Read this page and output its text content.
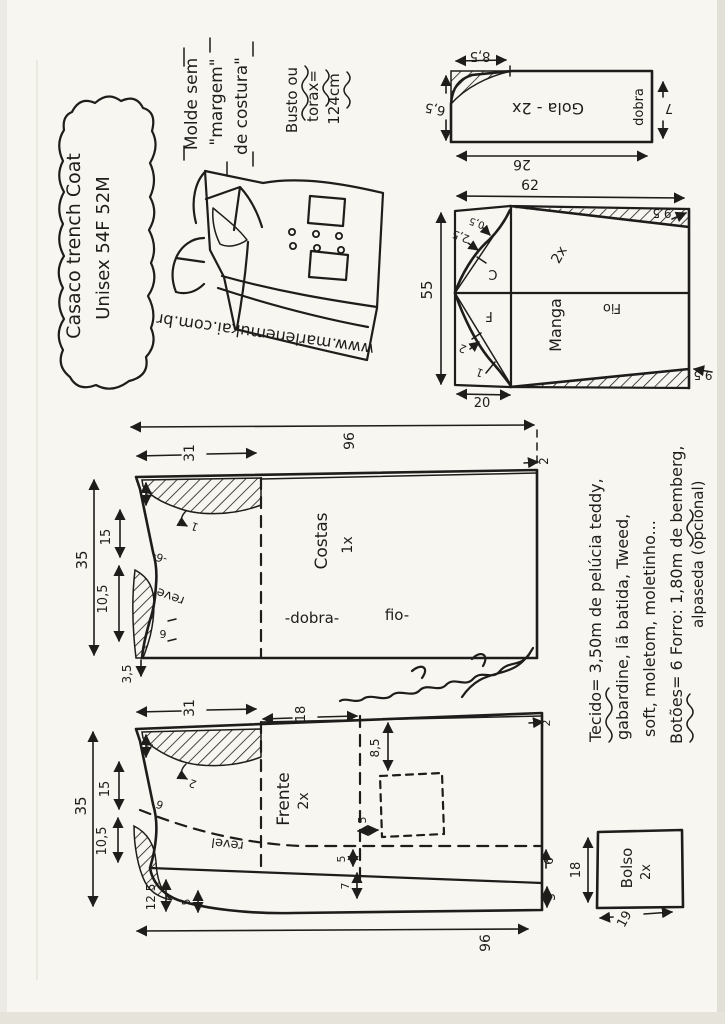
Casaco trench Coat Unisex 54F 52M
Molde sem "margem" de costura" Busto ou torax= 124cm
www.marlenemukai.com.br
8,5
6,5
26
Gola - 2x	dobra 7
62
55
20
9,5
9,5
2,5
0,5
C
F
2
1
2x
Manga	Fio
96
31	2
4
15
10,5
35
3,5
-6-
1
6
revel
Costas 1x
-dobra-	fio-
31	18
2
8,5
5
4
15
10,5
35	6
2
revel
Frente 2x
12,5 5
5
7
6
3
96
18 Bolso 2x
19
Tecido= 3,50m de pelúcia teddy, gabardine, lã batida, Tweed, soft, moletom, moletinho... Botões= 6 Forro: 1,80m de bemberg, alpaseda (opcional)
